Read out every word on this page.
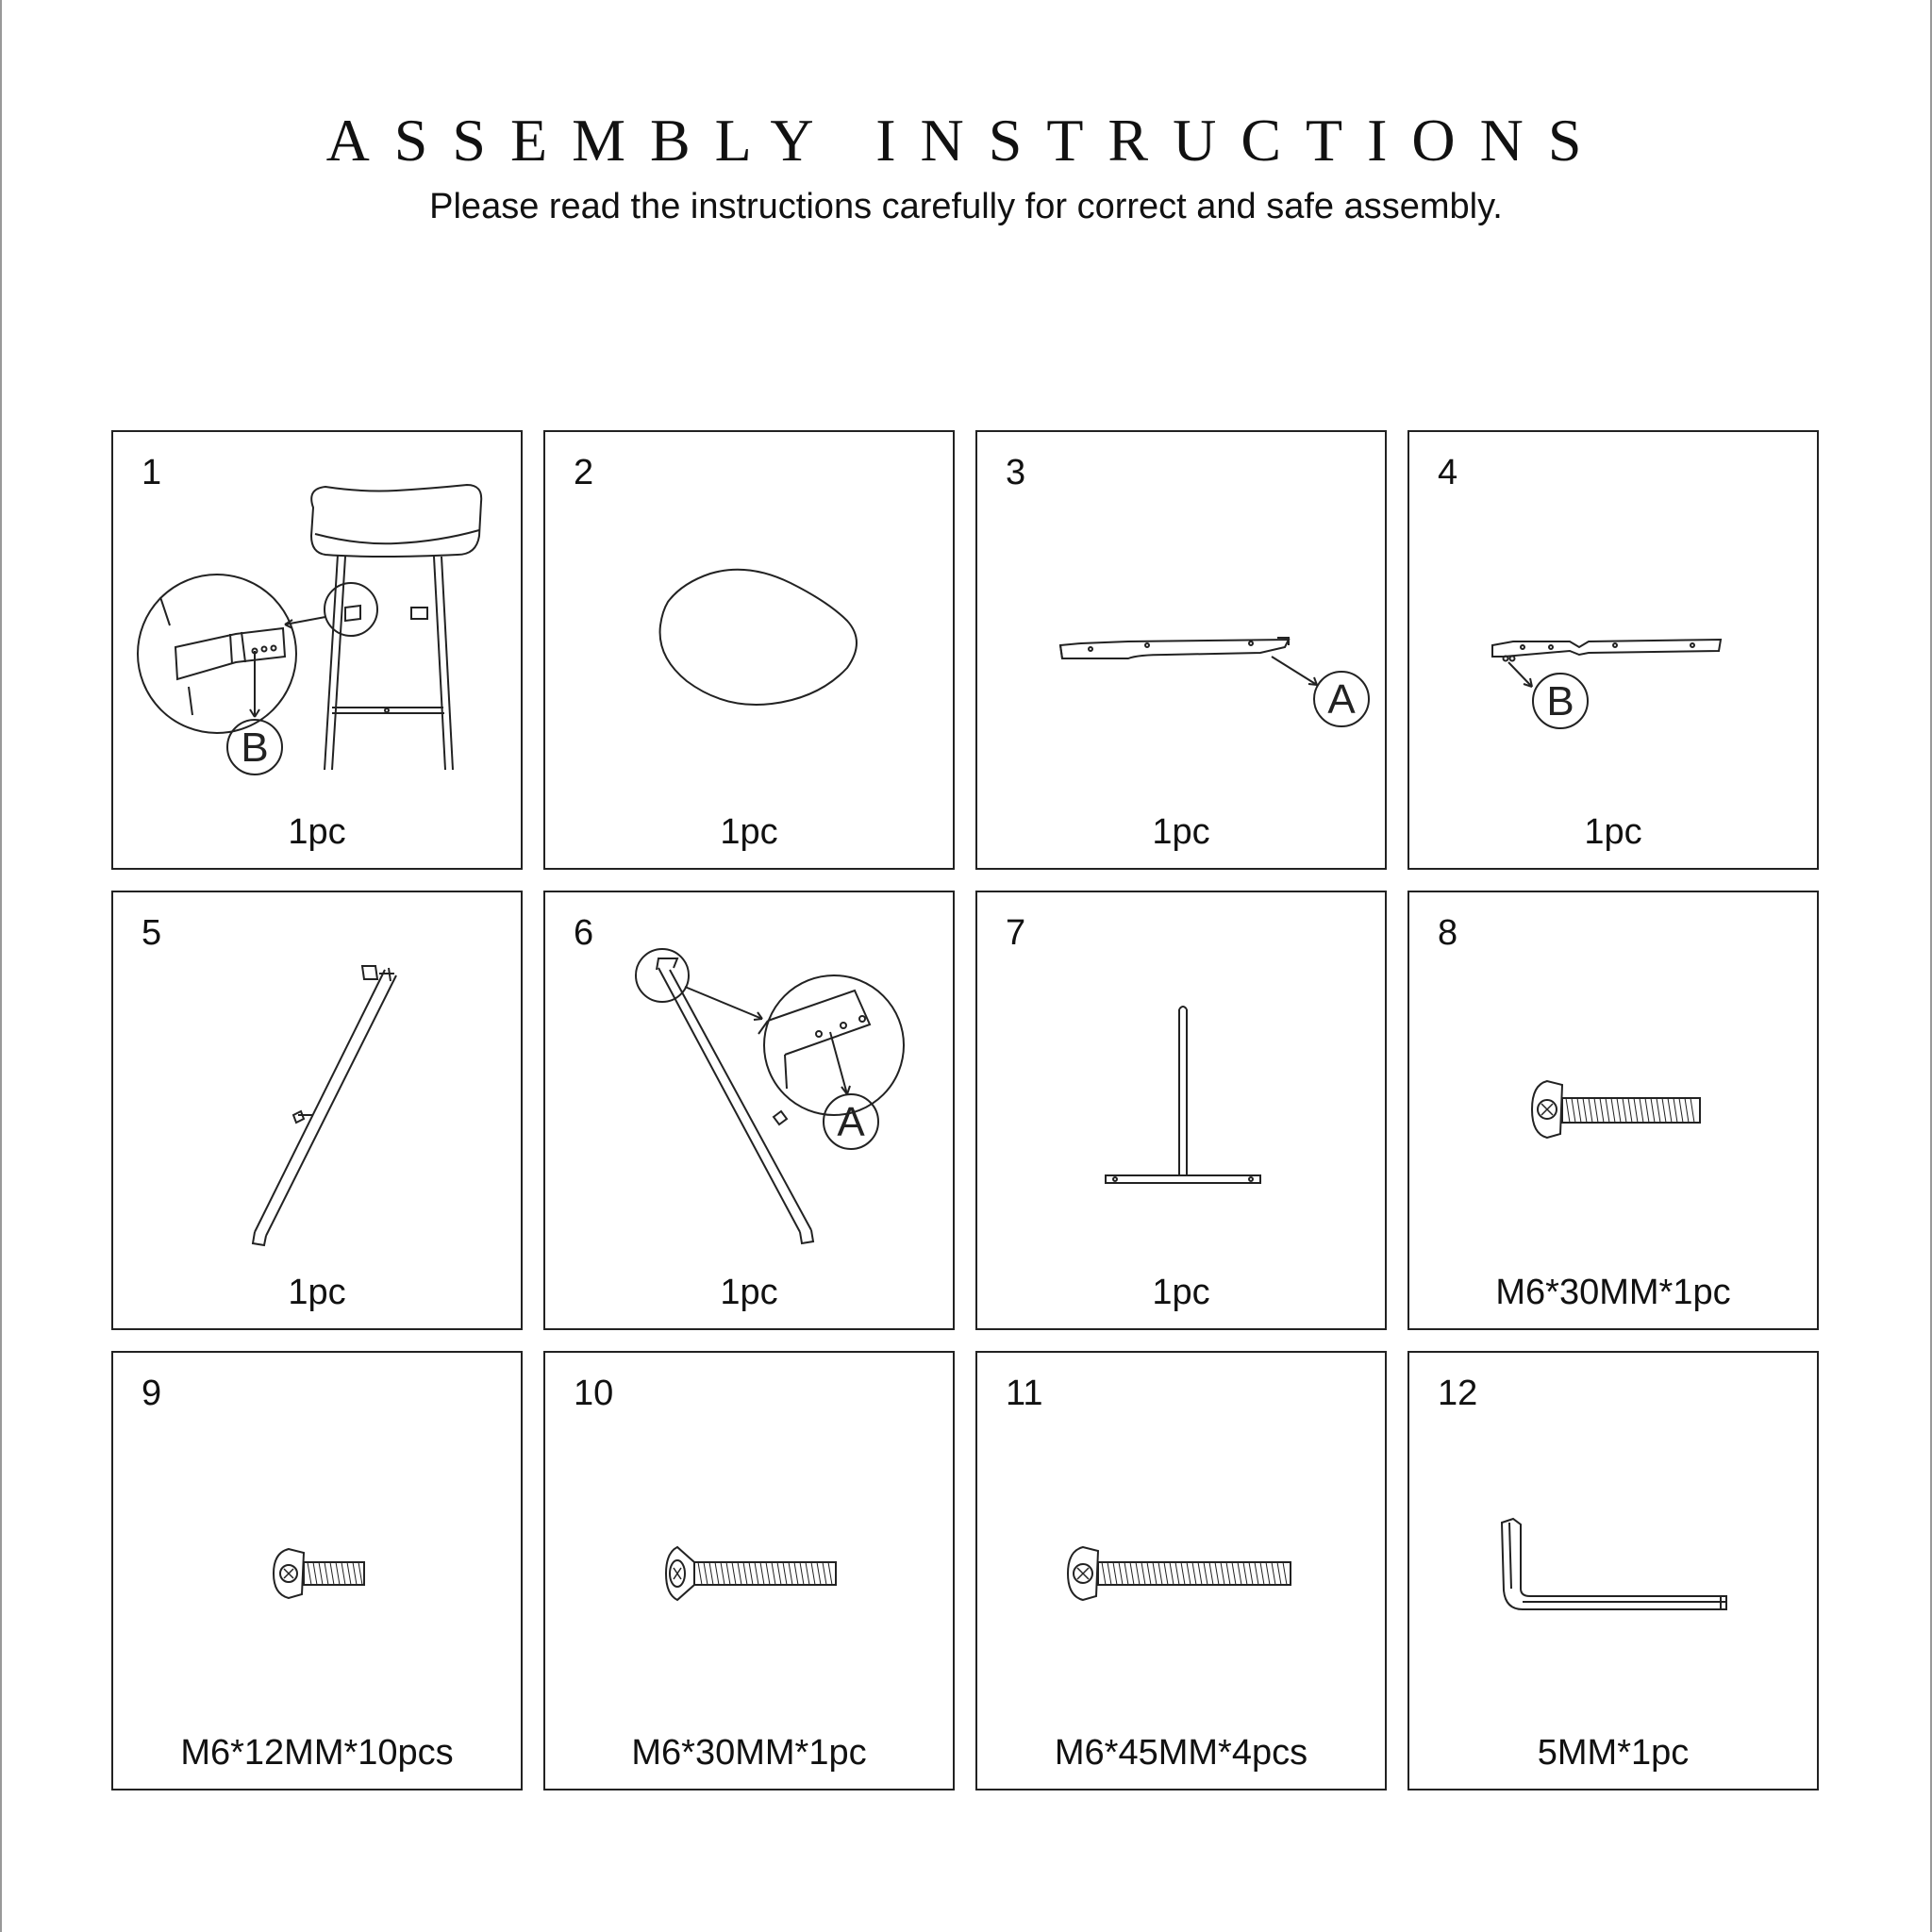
ASSEMBLY INSTRUCTIONS
Please read the instructions carefully for correct and safe assembly.
1
B
1pc
2
1pc
3
A
1pc
4
B
1pc
5
1pc
6
A
1pc
7
1pc
8
M6*30MM*1pc
9
M6*12MM*10pcs
10
M6*30MM*1pc
11
M6*45MM*4pcs
12
5MM*1pc
